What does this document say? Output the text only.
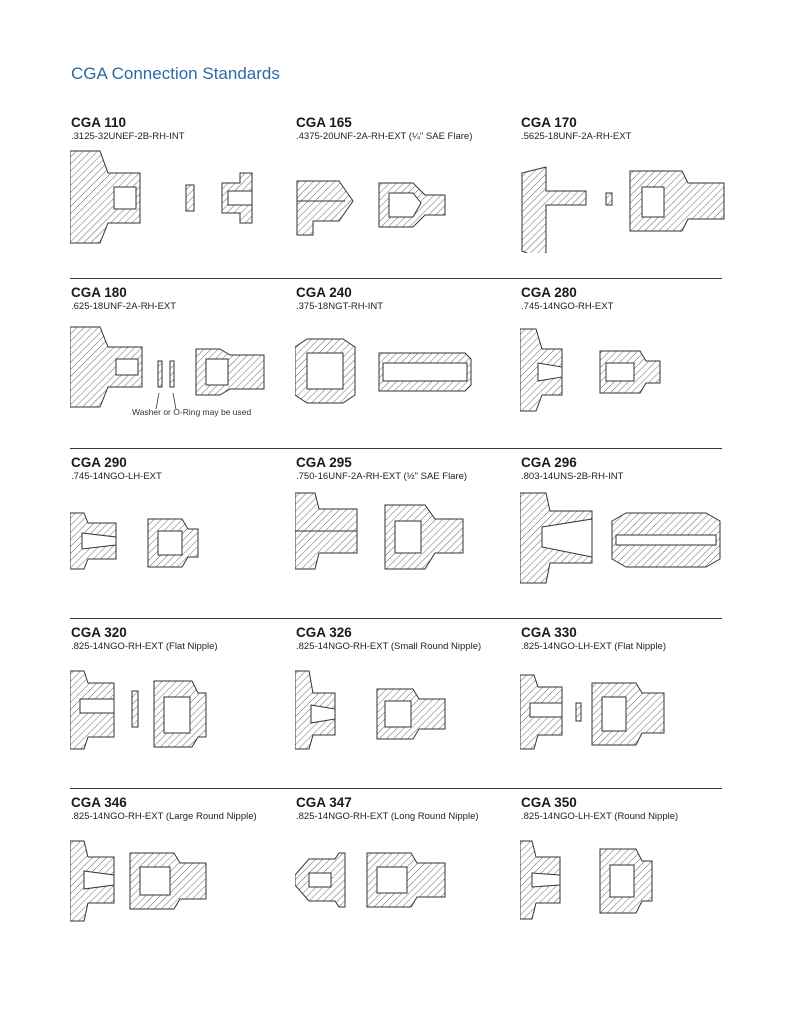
CGA Connection Standards
CGA 110
.3125-32UNEF-2B-RH-INT
CGA 165
.4375-20UNF-2A-RH-EXT (¼" SAE Flare)
CGA 170
.5625-18UNF-2A-RH-EXT
CGA 180
.625-18UNF-2A-RH-EXT
Washer or O-Ring may be used
CGA 240
.375-18NGT-RH-INT
CGA 280
.745-14NGO-RH-EXT
CGA 290
.745-14NGO-LH-EXT
CGA 295
.750-16UNF-2A-RH-EXT (½" SAE Flare)
CGA 296
.803-14UNS-2B-RH-INT
CGA 320
.825-14NGO-RH-EXT (Flat Nipple)
CGA 326
.825-14NGO-RH-EXT (Small Round Nipple)
CGA 330
.825-14NGO-LH-EXT (Flat Nipple)
CGA 346
.825-14NGO-RH-EXT (Large Round Nipple)
CGA 347
.825-14NGO-RH-EXT (Long Round Nipple)
CGA 350
.825-14NGO-LH-EXT (Round Nipple)
